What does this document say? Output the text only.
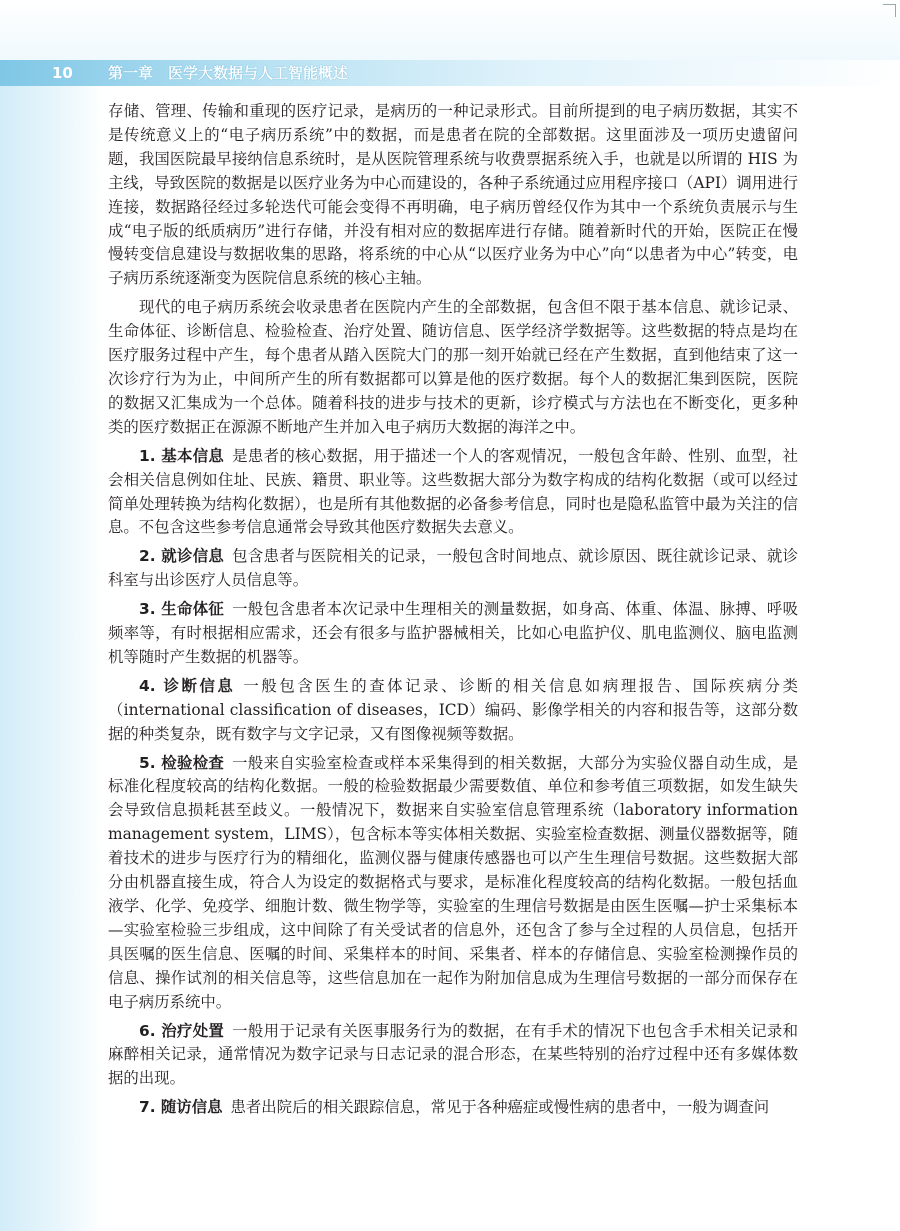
10 第一章　医学大数据与人工智能概述

存储、管理、传输和重现的医疗记录，是病历的一种记录形式。目前所提到的电子病历数据，其实不是传统意义上的“电子病历系统”中的数据，而是患者在院的全部数据。这里面涉及一项历史遗留问题，我国医院最早接纳信息系统时，是从医院管理系统与收费票据系统入手，也就是以所谓的 HIS 为主线，导致医院的数据是以医疗业务为中心而建设的，各种子系统通过应用程序接口（API）调用进行连接，数据路径经过多轮迭代可能会变得不再明确，电子病历曾经仅作为其中一个系统负责展示与生成“电子版的纸质病历”进行存储，并没有相对应的数据库进行存储。随着新时代的开始，医院正在慢慢转变信息建设与数据收集的思路，将系统的中心从“以医疗业务为中心”向“以患者为中心”转变，电子病历系统逐渐变为医院信息系统的核心主轴。

现代的电子病历系统会收录患者在医院内产生的全部数据，包含但不限于基本信息、就诊记录、生命体征、诊断信息、检验检查、治疗处置、随访信息、医学经济学数据等。这些数据的特点是均在医疗服务过程中产生，每个患者从踏入医院大门的那一刻开始就已经在产生数据，直到他结束了这一次诊疗行为为止，中间所产生的所有数据都可以算是他的医疗数据。每个人的数据汇集到医院，医院的数据又汇集成为一个总体。随着科技的进步与技术的更新，诊疗模式与方法也在不断变化，更多种类的医疗数据正在源源不断地产生并加入电子病历大数据的海洋之中。

1. 基本信息 是患者的核心数据，用于描述一个人的客观情况，一般包含年龄、性别、血型，社会相关信息例如住址、民族、籍贯、职业等。这些数据大部分为数字构成的结构化数据（或可以经过简单处理转换为结构化数据），也是所有其他数据的必备参考信息，同时也是隐私监管中最为关注的信息。不包含这些参考信息通常会导致其他医疗数据失去意义。

2. 就诊信息 包含患者与医院相关的记录，一般包含时间地点、就诊原因、既往就诊记录、就诊科室与出诊医疗人员信息等。

3. 生命体征 一般包含患者本次记录中生理相关的测量数据，如身高、体重、体温、脉搏、呼吸频率等，有时根据相应需求，还会有很多与监护器械相关，比如心电监护仪、肌电监测仪、脑电监测机等随时产生数据的机器等。

4. 诊断信息 一般包含医生的查体记录、诊断的相关信息如病理报告、国际疾病分类（international classification of diseases，ICD）编码、影像学相关的内容和报告等，这部分数据的种类复杂，既有数字与文字记录，又有图像视频等数据。

5. 检验检查 一般来自实验室检查或样本采集得到的相关数据，大部分为实验仪器自动生成，是标准化程度较高的结构化数据。一般的检验数据最少需要数值、单位和参考值三项数据，如发生缺失会导致信息损耗甚至歧义。一般情况下，数据来自实验室信息管理系统（laboratory information management system，LIMS），包含标本等实体相关数据、实验室检查数据、测量仪器数据等，随着技术的进步与医疗行为的精细化，监测仪器与健康传感器也可以产生生理信号数据。这些数据大部分由机器直接生成，符合人为设定的数据格式与要求，是标准化程度较高的结构化数据。一般包括血液学、化学、免疫学、细胞计数、微生物学等，实验室的生理信号数据是由医生医嘱—护士采集标本—实验室检验三步组成，这中间除了有关受试者的信息外，还包含了参与全过程的人员信息，包括开具医嘱的医生信息、医嘱的时间、采集样本的时间、采集者、样本的存储信息、实验室检测操作员的信息、操作试剂的相关信息等，这些信息加在一起作为附加信息成为生理信号数据的一部分而保存在电子病历系统中。

6. 治疗处置 一般用于记录有关医事服务行为的数据，在有手术的情况下也包含手术相关记录和麻醉相关记录，通常情况为数字记录与日志记录的混合形态，在某些特别的治疗过程中还有多媒体数据的出现。

7. 随访信息 患者出院后的相关跟踪信息，常见于各种癌症或慢性病的患者中，一般为调查问
